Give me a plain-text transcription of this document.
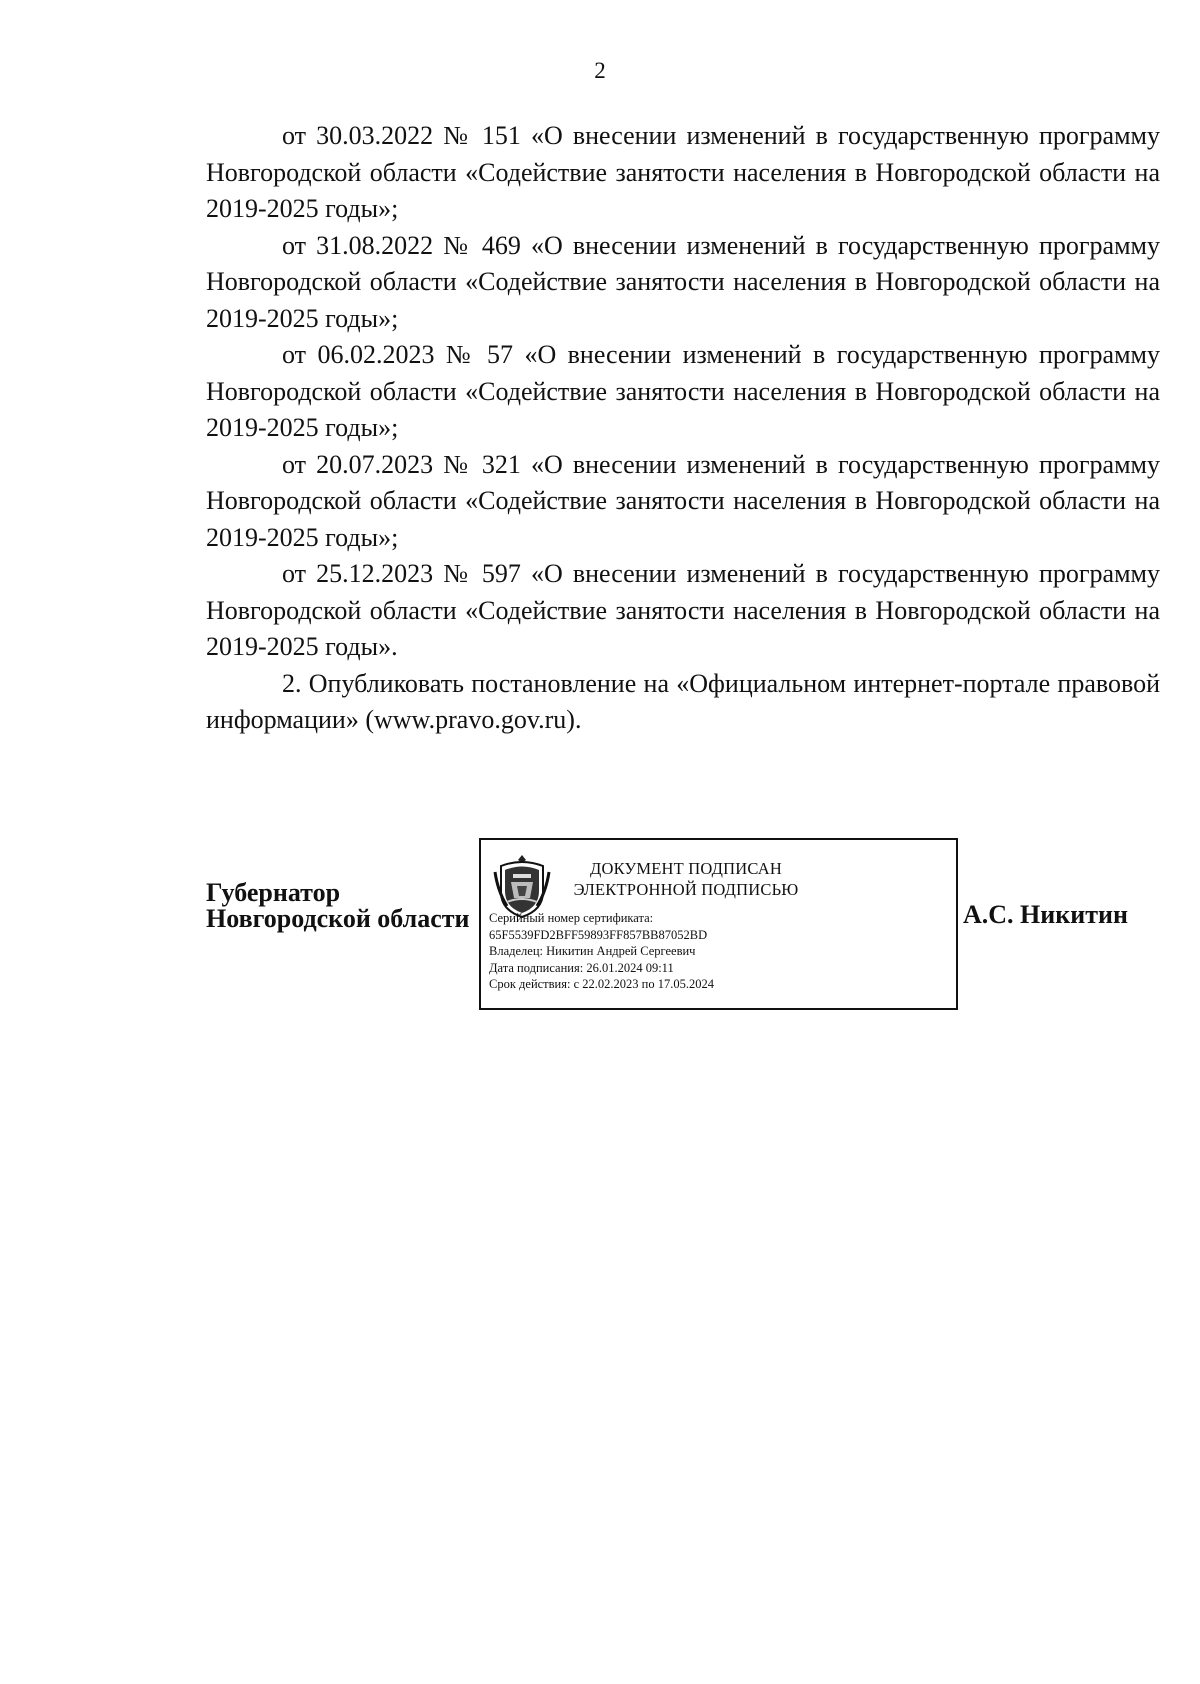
2

от 30.03.2022 № 151 «О внесении изменений в государственную программу Новгородской области «Содействие занятости населения в Новгородской области на 2019-2025 годы»;

от 31.08.2022 № 469 «О внесении изменений в государственную программу Новгородской области «Содействие занятости населения в Новгородской области на 2019-2025 годы»;

от 06.02.2023 № 57 «О внесении изменений в государственную программу Новгородской области «Содействие занятости населения в Новгородской области на 2019-2025 годы»;

от 20.07.2023 № 321 «О внесении изменений в государственную программу Новгородской области «Содействие занятости населения в Новгородской области на 2019-2025 годы»;

от 25.12.2023 № 597 «О внесении изменений в государственную программу Новгородской области «Содействие занятости населения в Новгородской области на 2019-2025 годы».

2. Опубликовать постановление на «Официальном интернет-портале правовой информации» (www.pravo.gov.ru).

Губернатор
Новгородской области
ДОКУМЕНТ ПОДПИСАН
ЭЛЕКТРОННОЙ ПОДПИСЬЮ
Серийный номер сертификата:
65F5539FD2BFF59893FF857BB87052BD
Владелец: Никитин Андрей Сергеевич
Дата подписания: 26.01.2024 09:11
Срок действия: с 22.02.2023 по 17.05.2024
А.С. Никитин
